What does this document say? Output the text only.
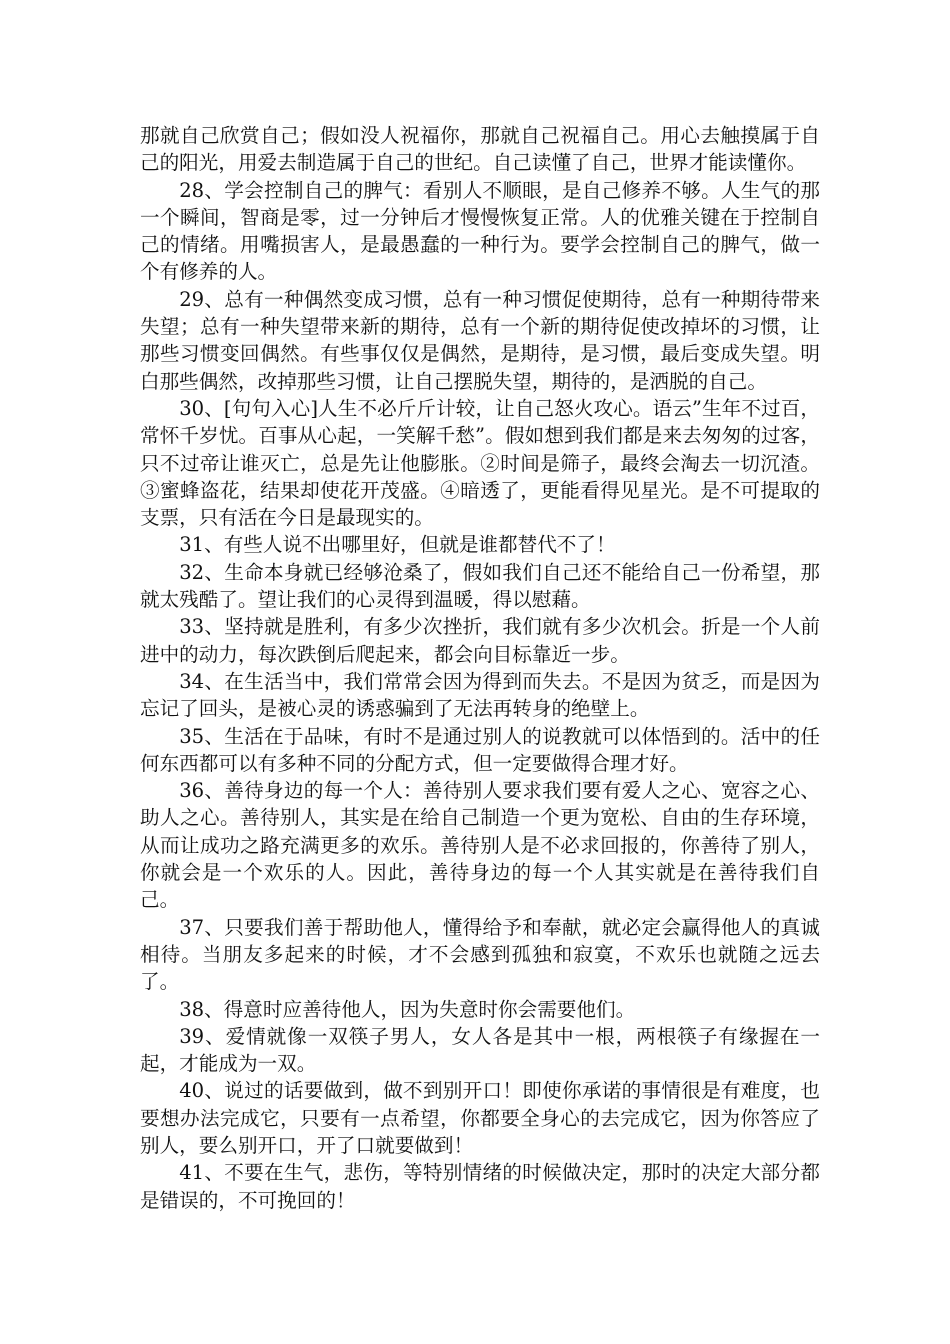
那就自己欣赏自己；假如没人祝福你，那就自己祝福自己。用心去触摸属于自己的阳光，用爱去制造属于自己的世纪。自己读懂了自己，世界才能读懂你。

28、学会控制自己的脾气：看别人不顺眼，是自己修养不够。人生气的那一个瞬间，智商是零，过一分钟后才慢慢恢复正常。人的优雅关键在于控制自己的情绪。用嘴损害人，是最愚蠢的一种行为。要学会控制自己的脾气，做一个有修养的人。

29、总有一种偶然变成习惯，总有一种习惯促使期待，总有一种期待带来失望；总有一种失望带来新的期待，总有一个新的期待促使改掉坏的习惯，让那些习惯变回偶然。有些事仅仅是偶然，是期待，是习惯，最后变成失望。明白那些偶然，改掉那些习惯，让自己摆脱失望，期待的，是洒脱的自己。

30、[句句入心]人生不必斤斤计较，让自己怒火攻心。语云”生年不过百，常怀千岁忧。百事从心起，一笑解千愁”。假如想到我们都是来去匆匆的过客，只不过帝让谁灭亡，总是先让他膨胀。②时间是筛子，最终会淘去一切沉渣。③蜜蜂盗花，结果却使花开茂盛。④暗透了，更能看得见星光。是不可提取的支票，只有活在今日是最现实的。

31、有些人说不出哪里好，但就是谁都替代不了！

32、生命本身就已经够沧桑了，假如我们自己还不能给自己一份希望，那就太残酷了。望让我们的心灵得到温暖，得以慰藉。

33、坚持就是胜利，有多少次挫折，我们就有多少次机会。折是一个人前进中的动力，每次跌倒后爬起来，都会向目标靠近一步。

34、在生活当中，我们常常会因为得到而失去。不是因为贫乏，而是因为忘记了回头，是被心灵的诱惑骗到了无法再转身的绝壁上。

35、生活在于品味，有时不是通过别人的说教就可以体悟到的。活中的任何东西都可以有多种不同的分配方式，但一定要做得合理才好。

36、善待身边的每一个人：善待别人要求我们要有爱人之心、宽容之心、助人之心。善待别人，其实是在给自己制造一个更为宽松、自由的生存环境，从而让成功之路充满更多的欢乐。善待别人是不必求回报的，你善待了别人，你就会是一个欢乐的人。因此，善待身边的每一个人其实就是在善待我们自己。

37、只要我们善于帮助他人，懂得给予和奉献，就必定会赢得他人的真诚相待。当朋友多起来的时候，才不会感到孤独和寂寞，不欢乐也就随之远去了。

38、得意时应善待他人，因为失意时你会需要他们。

39、爱情就像一双筷子男人，女人各是其中一根，两根筷子有缘握在一起，才能成为一双。

40、说过的话要做到，做不到别开口！即使你承诺的事情很是有难度，也要想办法完成它，只要有一点希望，你都要全身心的去完成它，因为你答应了别人，要么别开口，开了口就要做到！

41、不要在生气，悲伤，等特别情绪的时候做决定，那时的决定大部分都是错误的，不可挽回的！
